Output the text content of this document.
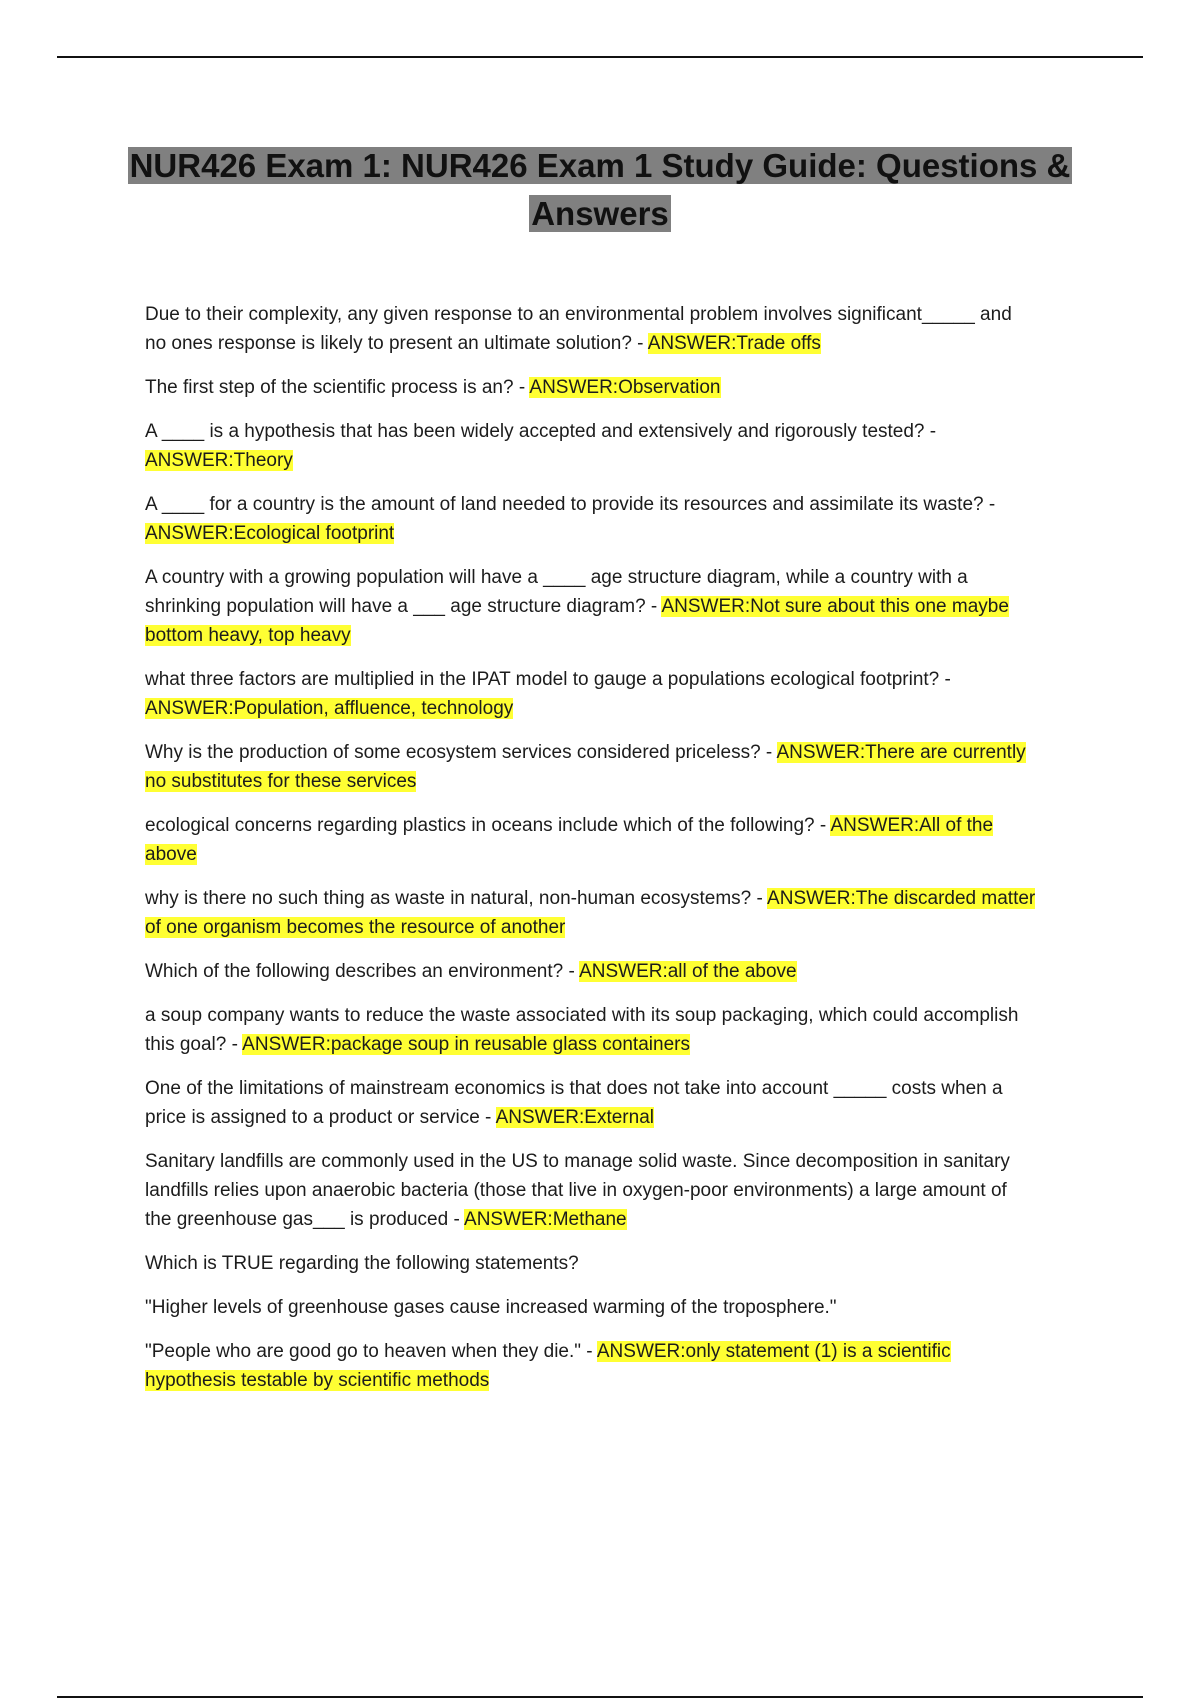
NUR426 Exam 1: NUR426 Exam 1 Study Guide: Questions &
Answers

Due to their complexity, any given response to an environmental problem involves significant_____ and
no ones response is likely to present an ultimate solution? - ANSWER:Trade offs

The first step of the scientific process is an? - ANSWER:Observation

A ____ is a hypothesis that has been widely accepted and extensively and rigorously tested? -
ANSWER:Theory

A ____ for a country is the amount of land needed to provide its resources and assimilate its waste? -
ANSWER:Ecological footprint

A country with a growing population will have a ____ age structure diagram, while a country with a
shrinking population will have a ___ age structure diagram? - ANSWER:Not sure about this one maybe
bottom heavy, top heavy

what three factors are multiplied in the IPAT model to gauge a populations ecological footprint? -
ANSWER:Population, affluence, technology

Why is the production of some ecosystem services considered priceless? - ANSWER:There are currently
no substitutes for these services

ecological concerns regarding plastics in oceans include which of the following? - ANSWER:All of the
above

why is there no such thing as waste in natural, non-human ecosystems? - ANSWER:The discarded matter
of one organism becomes the resource of another

Which of the following describes an environment? - ANSWER:all of the above

a soup company wants to reduce the waste associated with its soup packaging, which could accomplish
this goal? - ANSWER:package soup in reusable glass containers

One of the limitations of mainstream economics is that does not take into account _____ costs when a
price is assigned to a product or service - ANSWER:External

Sanitary landfills are commonly used in the US to manage solid waste. Since decomposition in sanitary
landfills relies upon anaerobic bacteria (those that live in oxygen-poor environments) a large amount of
the greenhouse gas___ is produced - ANSWER:Methane

Which is TRUE regarding the following statements?

"Higher levels of greenhouse gases cause increased warming of the troposphere."

"People who are good go to heaven when they die." - ANSWER:only statement (1) is a scientific
hypothesis testable by scientific methods
